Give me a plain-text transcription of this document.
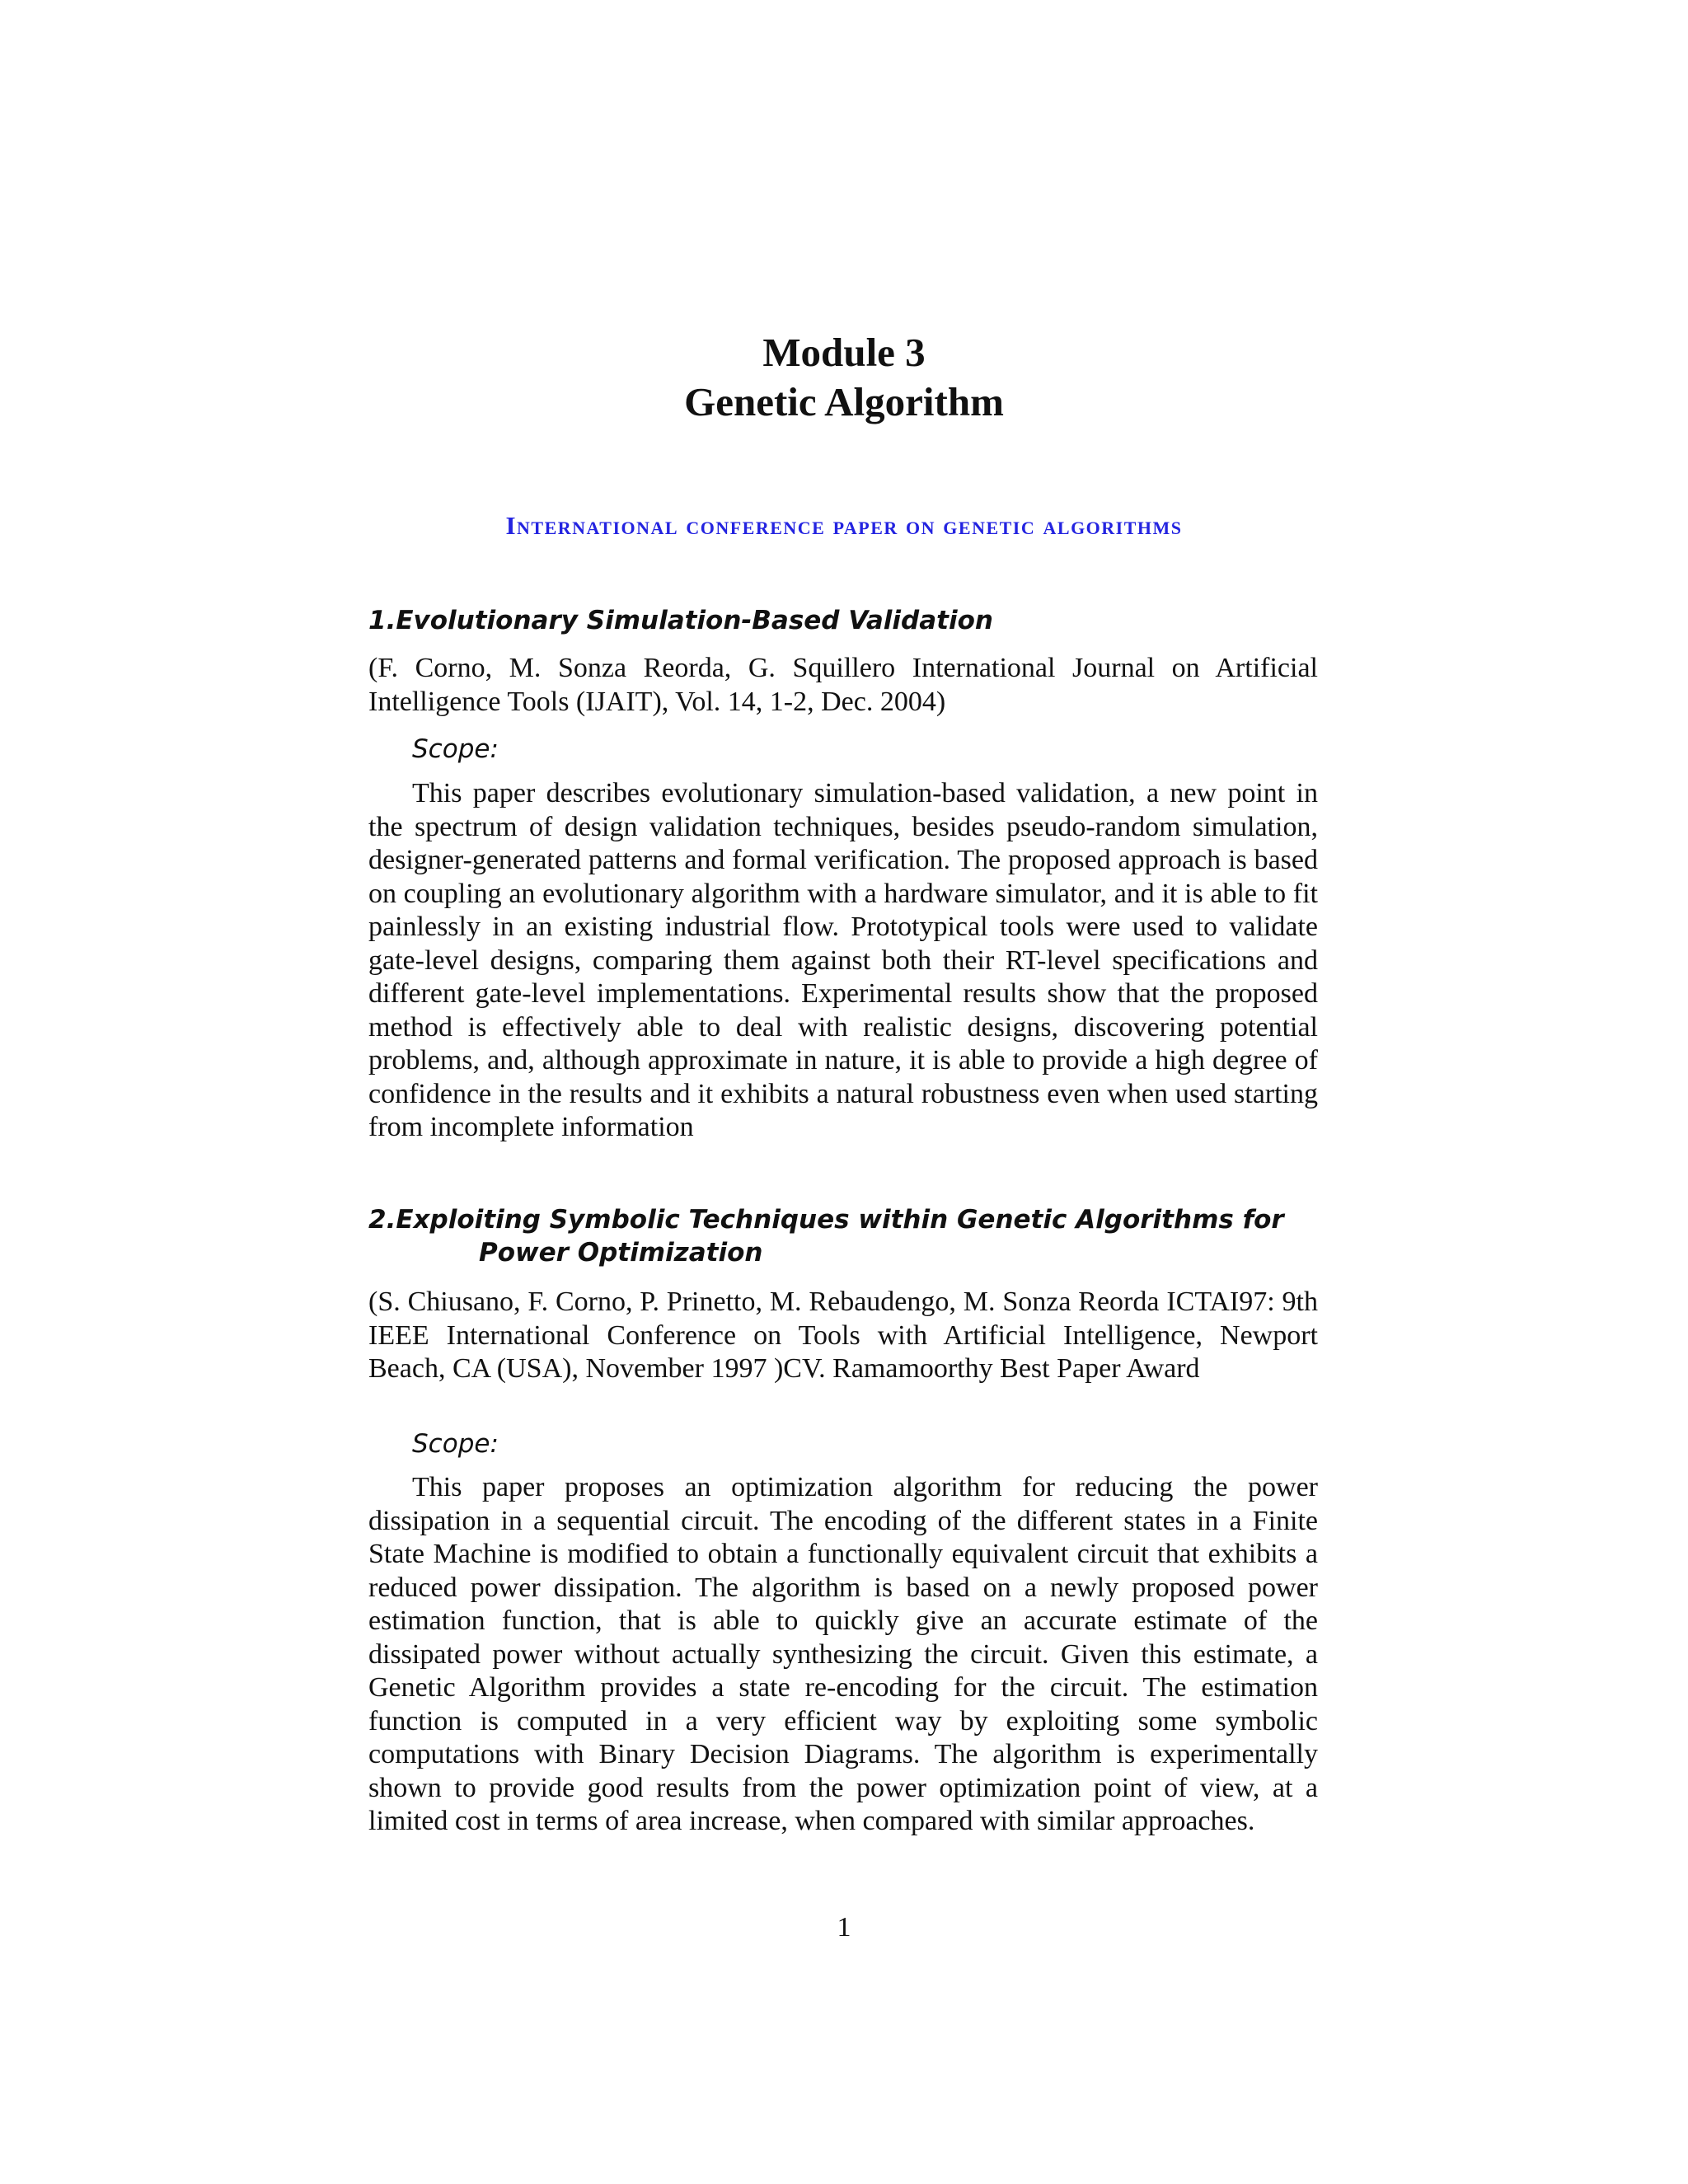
Module 3
Genetic Algorithm
International conference paper on genetic algorithms

1.Evolutionary Simulation-Based Validation

(F. Corno, M. Sonza Reorda, G. Squillero International Journal on Artificial Intelligence Tools (IJAIT), Vol. 14, 1-2, Dec. 2004)

Scope:

This paper describes evolutionary simulation-based validation, a new point in the spectrum of design validation techniques, besides pseudo-random simulation, designer-generated patterns and formal verification. The proposed approach is based on coupling an evolutionary algorithm with a hardware simulator, and it is able to fit painlessly in an existing industrial flow. Prototypical tools were used to validate gate-level designs, comparing them against both their RT-level specifications and different gate-level implementations. Experimental results show that the proposed method is effectively able to deal with realistic designs, discovering potential problems, and, although approximate in nature, it is able to provide a high degree of confidence in the results and it exhibits a natural robustness even when used starting from incomplete information

2.Exploiting Symbolic Techniques within Genetic Algorithms for Power Optimization

(S. Chiusano, F. Corno, P. Prinetto, M. Rebaudengo, M. Sonza Reorda ICTAI97: 9th IEEE International Conference on Tools with Artificial Intelligence, Newport Beach, CA (USA), November 1997 )CV. Ramamoorthy Best Paper Award

Scope:

This paper proposes an optimization algorithm for reducing the power dissipation in a sequential circuit. The encoding of the different states in a Finite State Machine is modified to obtain a functionally equivalent circuit that exhibits a reduced power dissipation. The algorithm is based on a newly proposed power estimation function, that is able to quickly give an accurate estimate of the dissipated power without actually synthesizing the circuit. Given this estimate, a Genetic Algorithm provides a state re-encoding for the circuit. The estimation function is computed in a very efficient way by exploiting some symbolic computations with Binary Decision Diagrams. The algorithm is experimentally shown to provide good results from the power optimization point of view, at a limited cost in terms of area increase, when compared with similar approaches.

1
